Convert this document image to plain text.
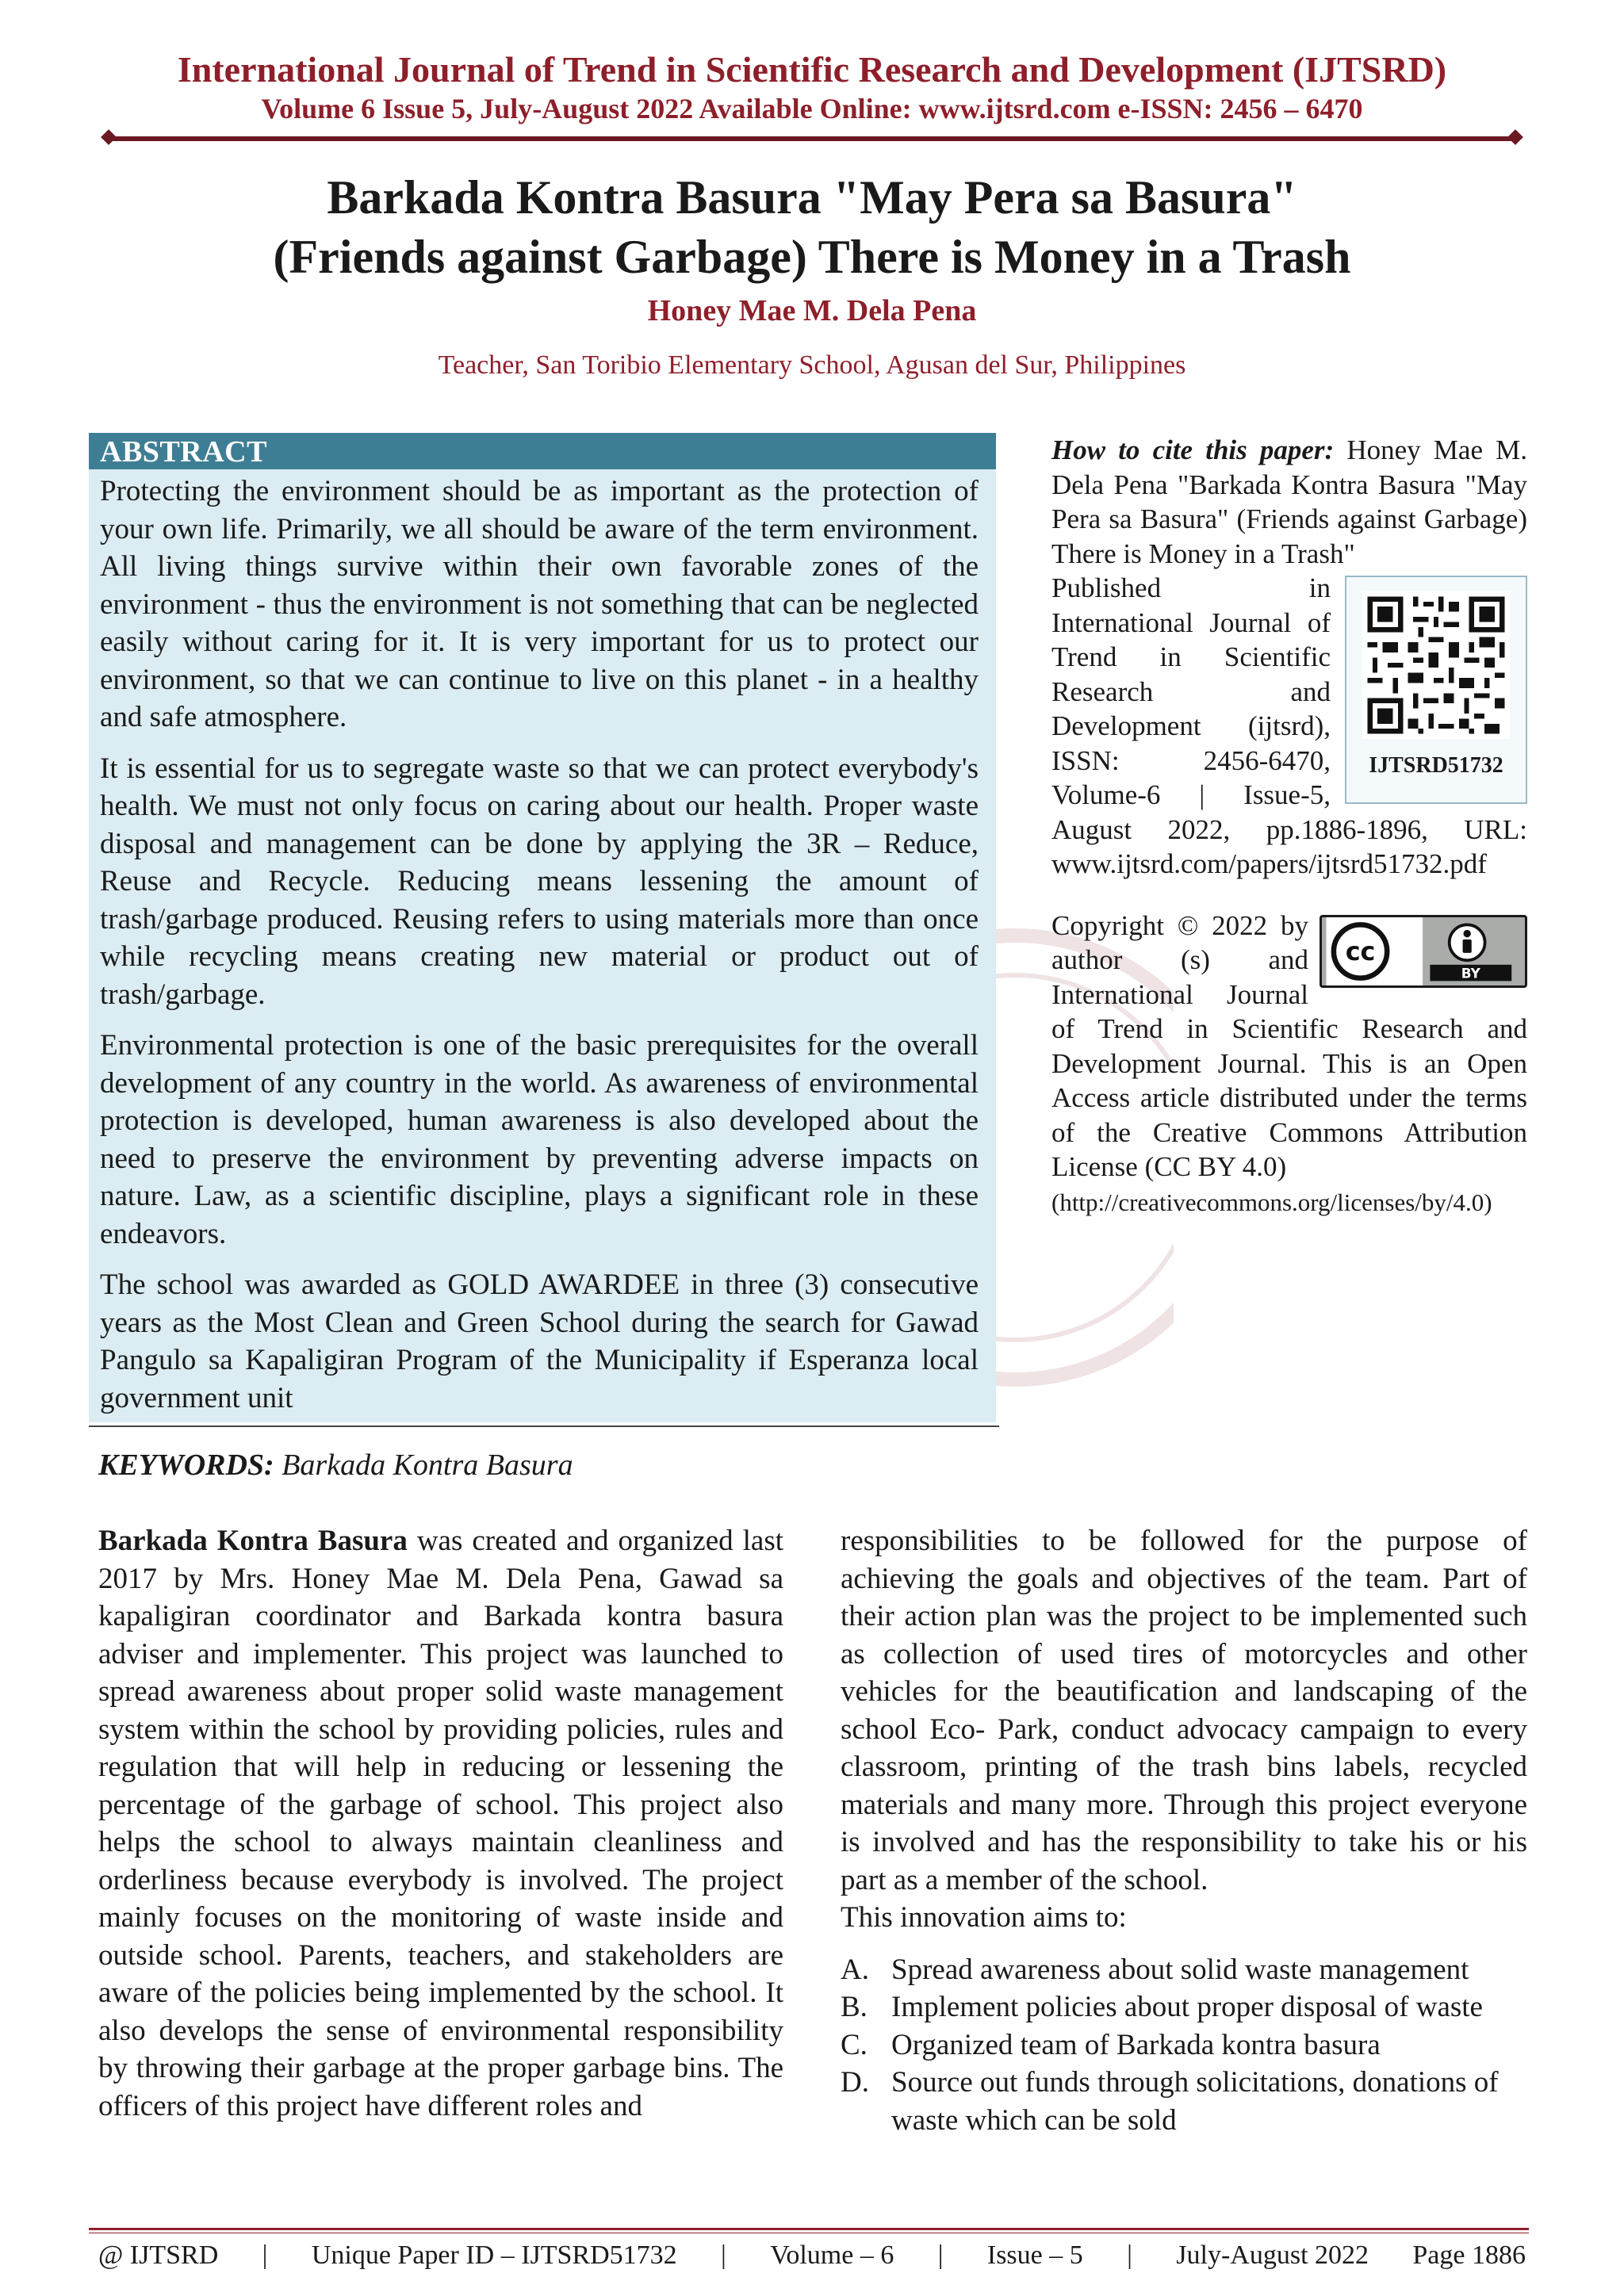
International Journal of Trend in Scientific Research and Development (IJTSRD)
Volume 6 Issue 5, July-August 2022 Available Online: www.ijtsrd.com e-ISSN: 2456 – 6470
Barkada Kontra Basura "May Pera sa Basura"
(Friends against Garbage) There is Money in a Trash
Honey Mae M. Dela Pena
Teacher, San Toribio Elementary School, Agusan del Sur, Philippines
ABSTRACT

Protecting the environment should be as important as the protection of your own life. Primarily, we all should be aware of the term environment. All living things survive within their own favorable zones of the environment - thus the environment is not something that can be neglected easily without caring for it. It is very important for us to protect our environment, so that we can continue to live on this planet - in a healthy and safe atmosphere.

It is essential for us to segregate waste so that we can protect everybody's health. We must not only focus on caring about our health. Proper waste disposal and management can be done by applying the 3R – Reduce, Reuse and Recycle. Reducing means lessening the amount of trash/garbage produced. Reusing refers to using materials more than once while recycling means creating new material or product out of trash/garbage.

Environmental protection is one of the basic prerequisites for the overall development of any country in the world. As awareness of environmental protection is developed, human awareness is also developed about the need to preserve the environment by preventing adverse impacts on nature. Law, as a scientific discipline, plays a significant role in these endeavors.

The school was awarded as GOLD AWARDEE in three (3) consecutive years as the Most Clean and Green School during the search for Gawad Pangulo sa Kapaligiran Program of the Municipality if Esperanza local government unit

KEYWORDS: Barkada Kontra Basura

How to cite this paper: Honey Mae M. Dela Pena "Barkada Kontra Basura "May Pera sa Basura" (Friends against Garbage) There is Money in a Trash"

IJTSRD51732

Published in International Journal of Trend in Scientific Research and Development (ijtsrd), ISSN: 2456-6470, Volume-6 | Issue-5, August 2022, pp.1886-1896, URL: www.ijtsrd.com/papers/ijtsrd51732.pdf

cc
BY
Copyright © 2022 by author (s) and International Journal of Trend in Scientific Research and Development Journal. This is an Open Access article distributed under the terms of the Creative Commons Attribution License (CC BY 4.0)
(http://creativecommons.org/licenses/by/4.0)

Barkada Kontra Basura was created and organized last 2017 by Mrs. Honey Mae M. Dela Pena, Gawad sa kapaligiran coordinator and Barkada kontra basura adviser and implementer. This project was launched to spread awareness about proper solid waste management system within the school by providing policies, rules and regulation that will help in reducing or lessening the percentage of the garbage of school. This project also helps the school to always maintain cleanliness and orderliness because everybody is involved. The project mainly focuses on the monitoring of waste inside and outside school. Parents, teachers, and stakeholders are aware of the policies being implemented by the school. It also develops the sense of environmental responsibility by throwing their garbage at the proper garbage bins. The officers of this project have different roles and

responsibilities to be followed for the purpose of achieving the goals and objectives of the team. Part of their action plan was the project to be implemented such as collection of used tires of motorcycles and other vehicles for the beautification and landscaping of the school Eco- Park, conduct advocacy campaign to every classroom, printing of the trash bins labels, recycled materials and many more. Through this project everyone is involved and has the responsibility to take his or his part as a member of the school.

This innovation aims to:

A. Spread awareness about solid waste management
B. Implement policies about proper disposal of waste
C. Organized team of Barkada kontra basura
D. Source out funds through solicitations, donations of waste which can be sold
@ IJTSRD | Unique Paper ID – IJTSRD51732 | Volume – 6 | Issue – 5 | July-August 2022 Page 1886
